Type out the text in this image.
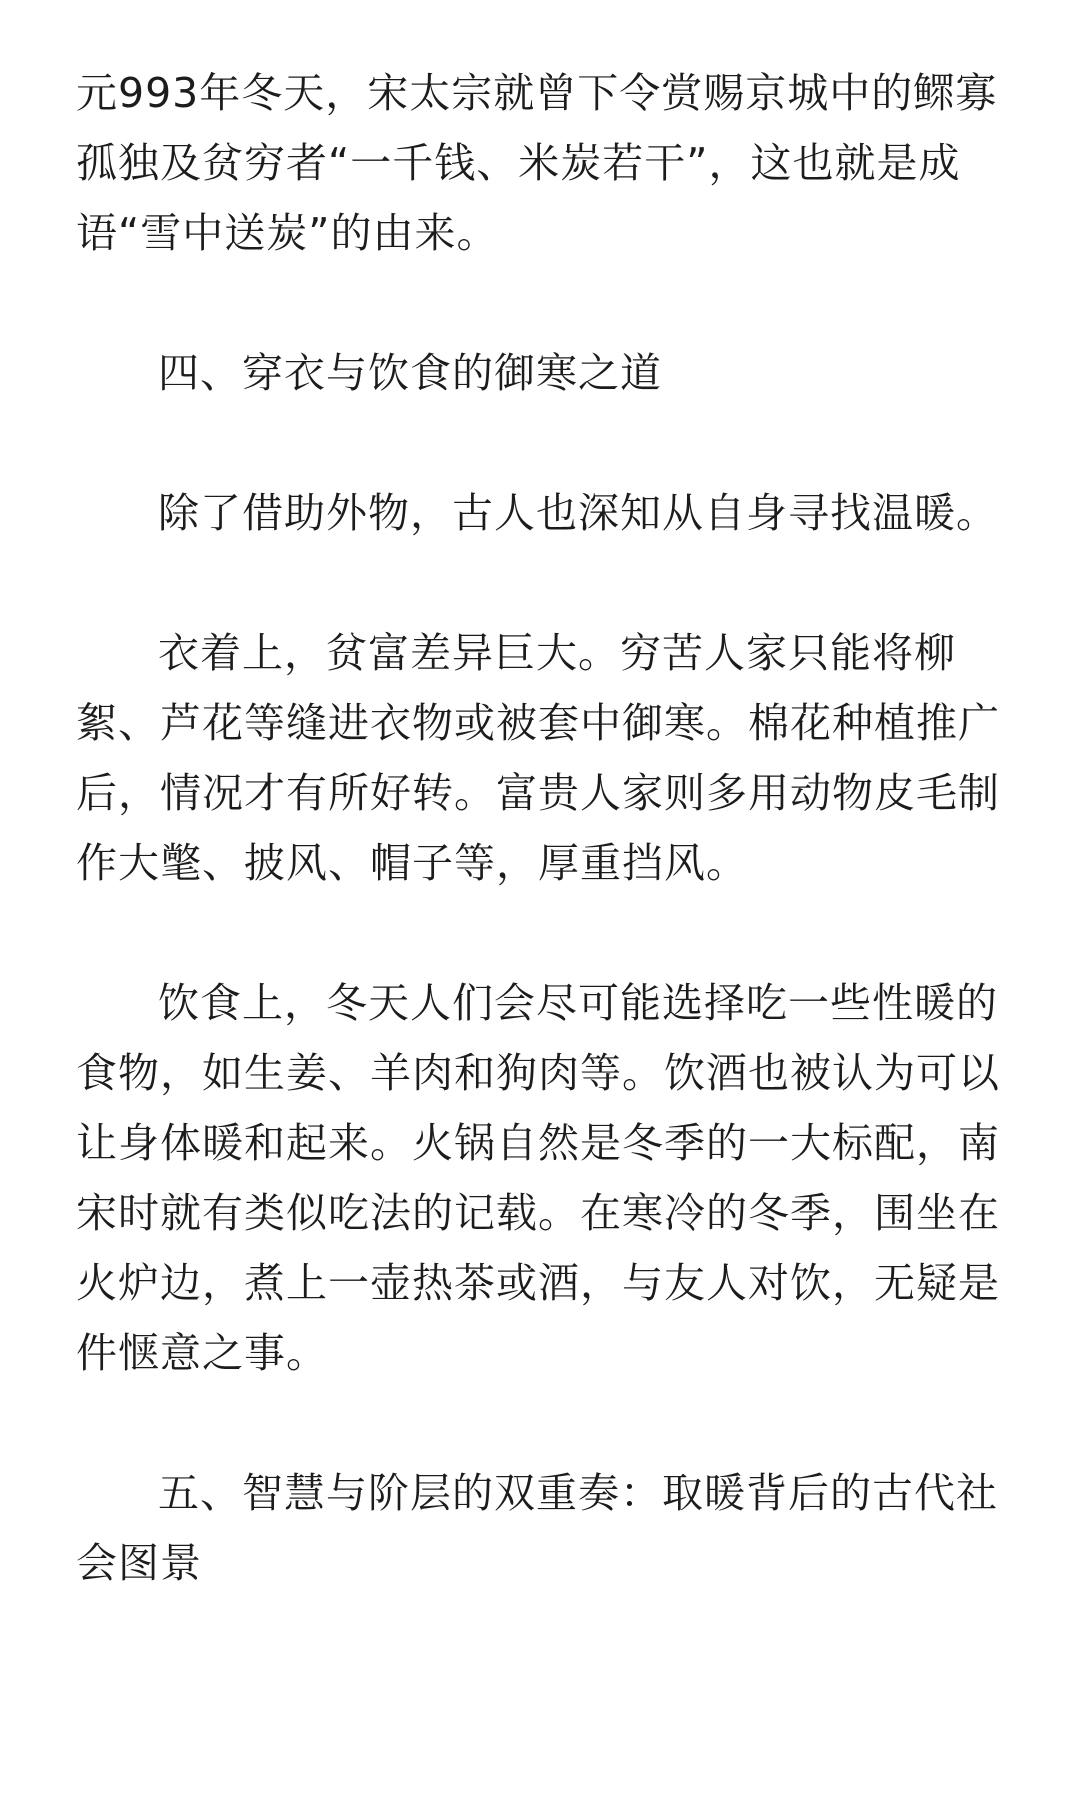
元993年冬天，宋太宗就曾下令赏赐京城中的鳏寡孤独及贫穷者“一千钱、米炭若干”，这也就是成语“雪中送炭”的由来。

四、穿衣与饮食的御寒之道

除了借助外物，古人也深知从自身寻找温暖。

衣着上，贫富差异巨大。穷苦人家只能将柳絮、芦花等缝进衣物或被套中御寒。棉花种植推广后，情况才有所好转。富贵人家则多用动物皮毛制作大氅、披风、帽子等，厚重挡风。

饮食上，冬天人们会尽可能选择吃一些性暖的食物，如生姜、羊肉和狗肉等。饮酒也被认为可以让身体暖和起来。火锅自然是冬季的一大标配，南宋时就有类似吃法的记载。在寒冷的冬季，围坐在火炉边，煮上一壶热茶或酒，与友人对饮，无疑是件惬意之事。

五、智慧与阶层的双重奏：取暖背后的古代社会图景
